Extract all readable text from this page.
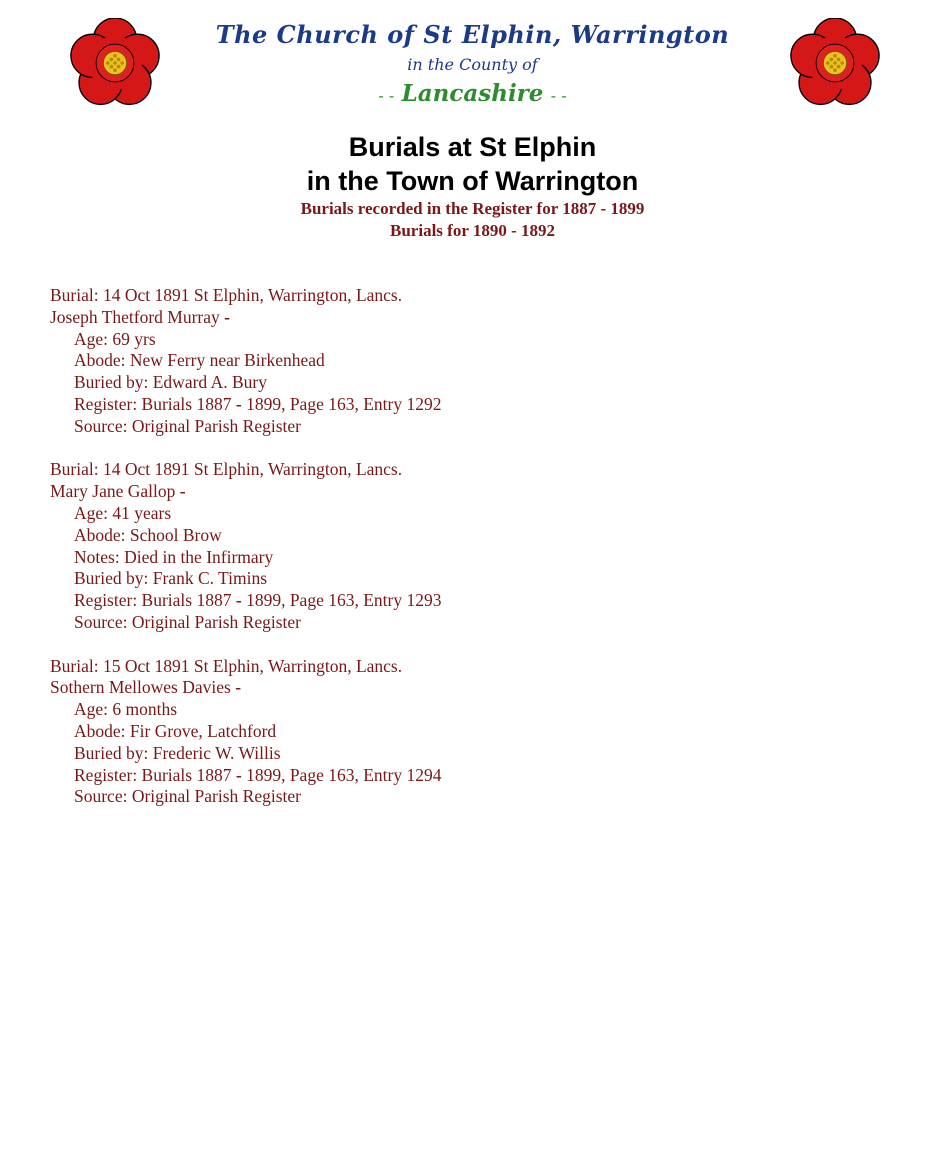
The Church of St Elphin, Warrington
in the County of
- - Lancashire - -
Burials at St Elphin
in the Town of Warrington
Burials recorded in the Register for 1887 - 1899
Burials for 1890 - 1892
Burial: 14 Oct 1891 St Elphin, Warrington, Lancs.
Joseph Thetford Murray -
Age: 69 yrs
Abode: New Ferry near Birkenhead
Buried by: Edward A. Bury
Register: Burials 1887 - 1899, Page 163, Entry 1292
Source: Original Parish Register
Burial: 14 Oct 1891 St Elphin, Warrington, Lancs.
Mary Jane Gallop -
Age: 41 years
Abode: School Brow
Notes: Died in the Infirmary
Buried by: Frank C. Timins
Register: Burials 1887 - 1899, Page 163, Entry 1293
Source: Original Parish Register
Burial: 15 Oct 1891 St Elphin, Warrington, Lancs.
Sothern Mellowes Davies -
Age: 6 months
Abode: Fir Grove, Latchford
Buried by: Frederic W. Willis
Register: Burials 1887 - 1899, Page 163, Entry 1294
Source: Original Parish Register
